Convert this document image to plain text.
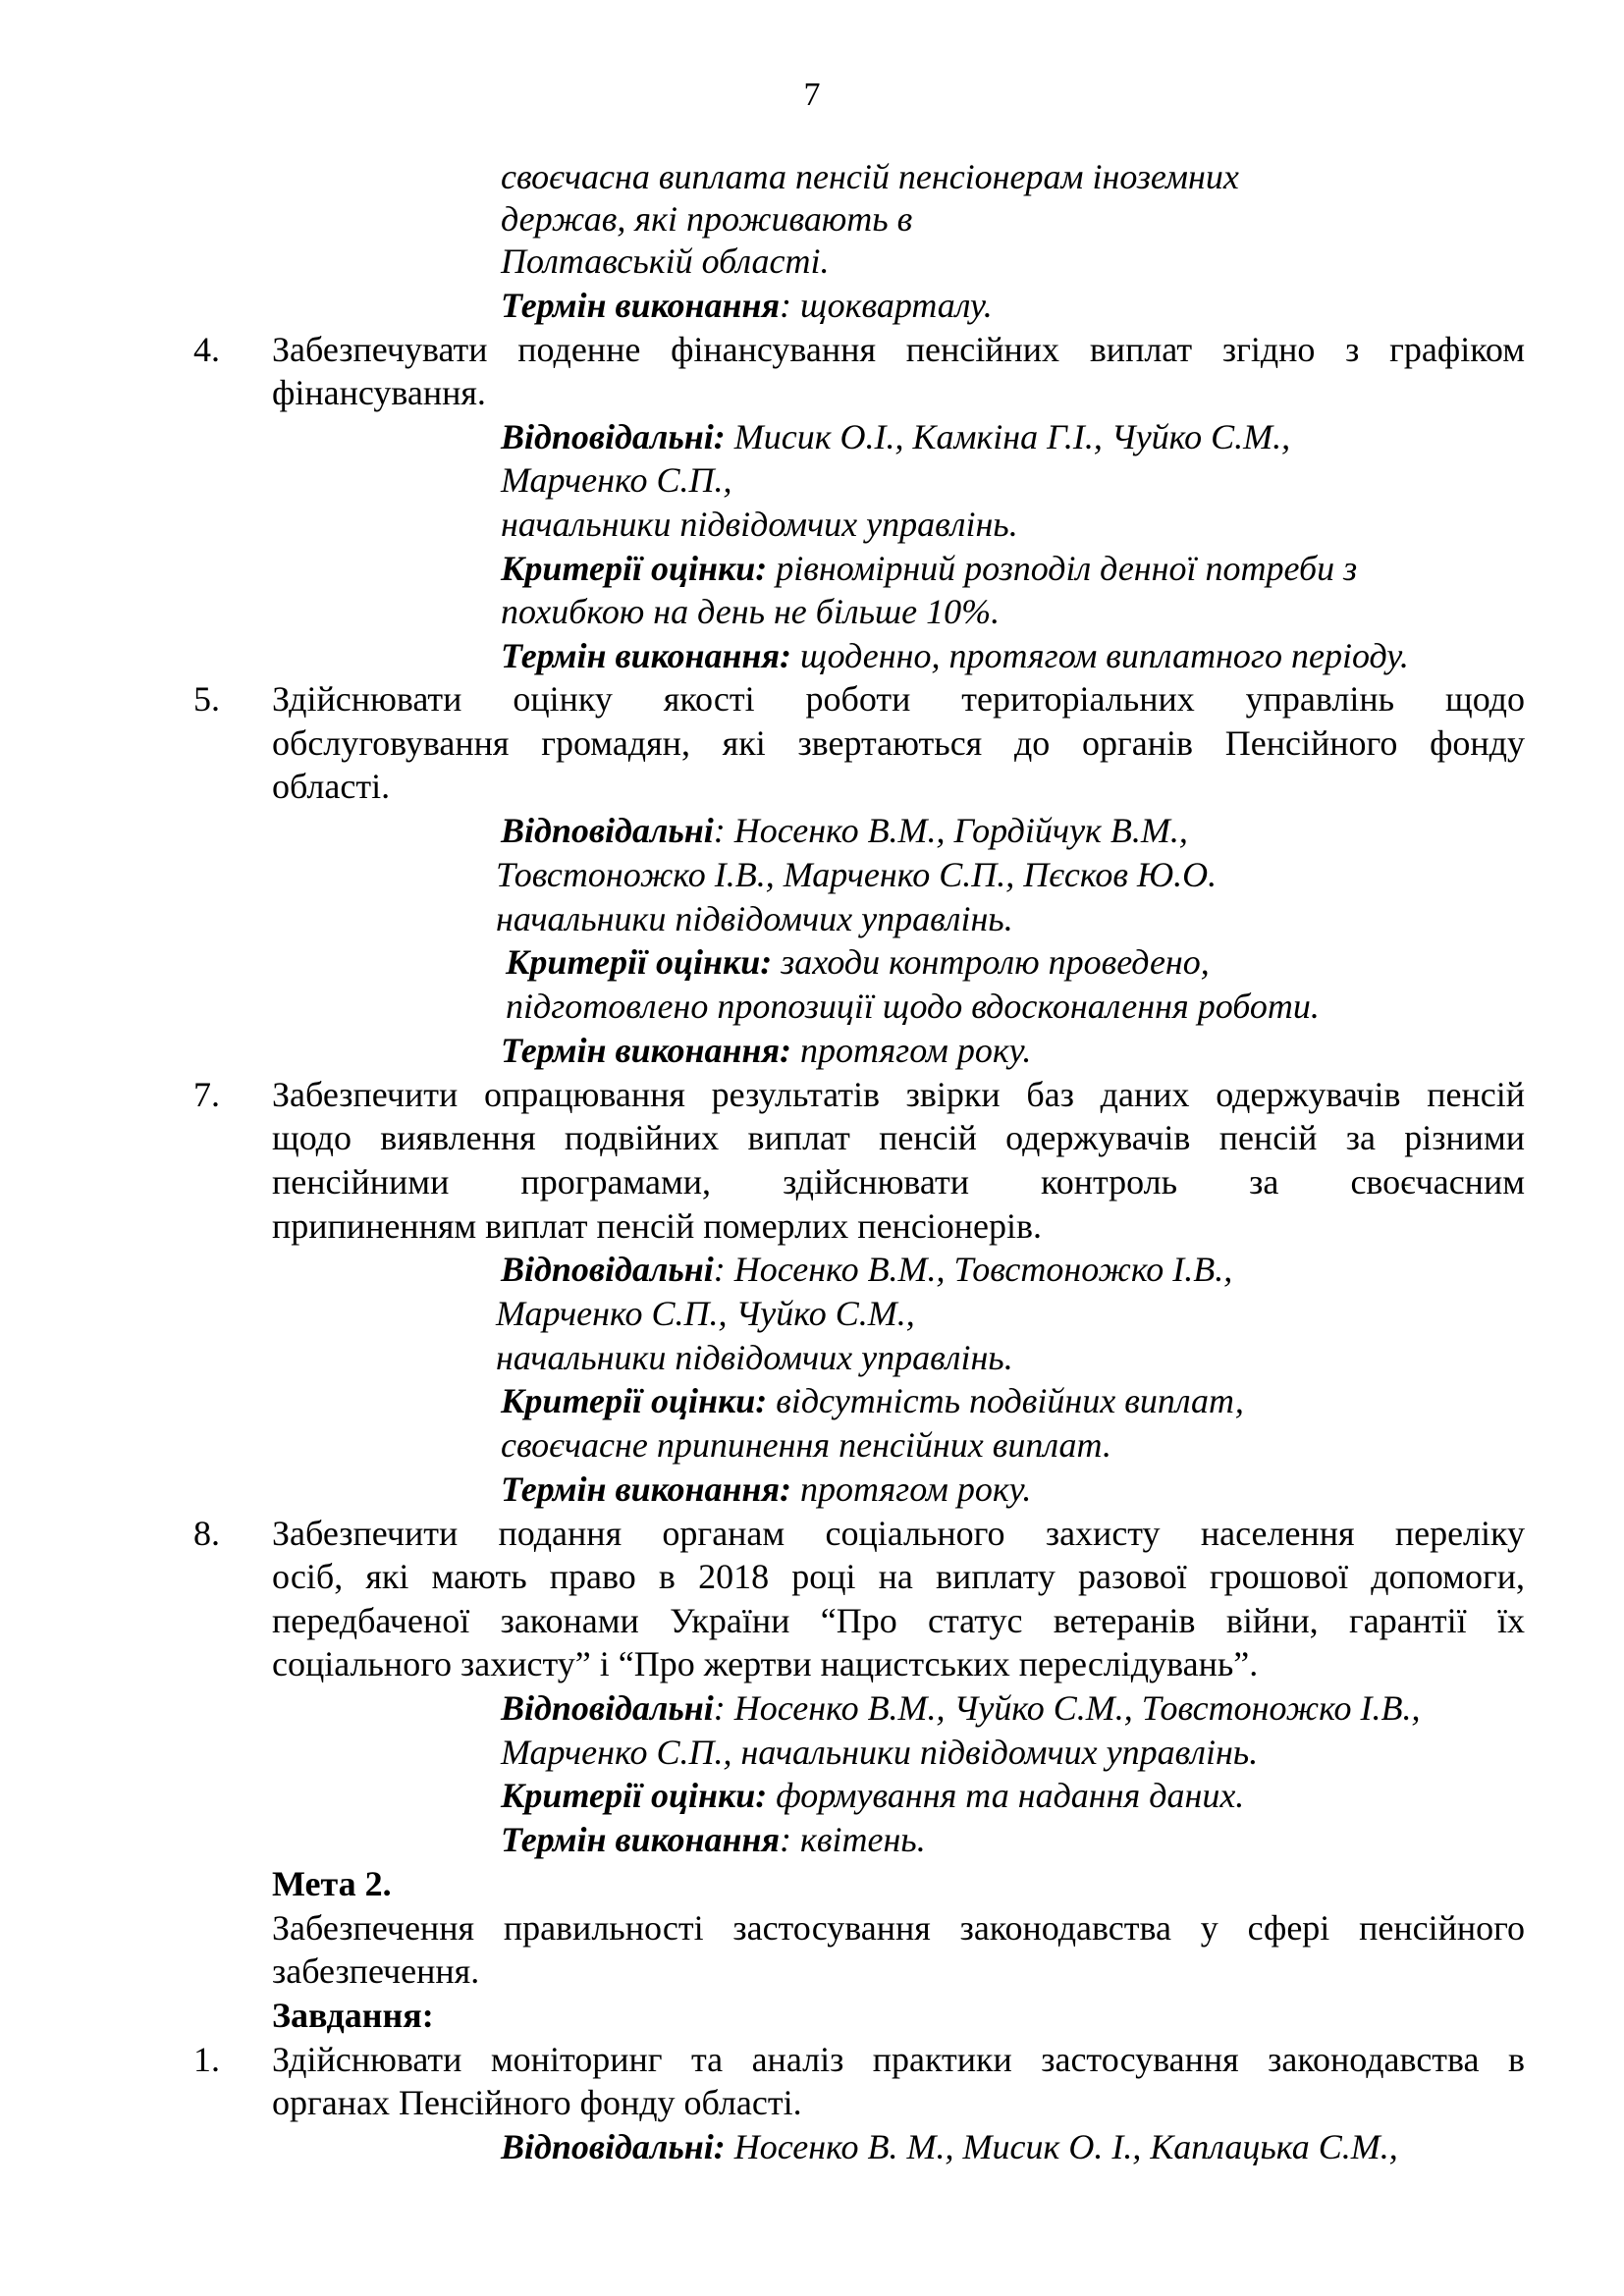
7
своєчасна виплата пенсій пенсіонерам іноземних
держав, які проживають в
Полтавській області.
Термін виконання: щокварталу.
4. Забезпечувати поденне фінансування пенсійних виплат згідно з графіком
фінансування.
Відповідальні: Мисик О.І., Камкіна Г.І., Чуйко С.М.,
Марченко С.П.,
начальники підвідомчих управлінь.
Критерії оцінки: рівномірний розподіл денної потреби з
похибкою на день не більше 10%.
Термін виконання: щоденно, протягом виплатного періоду.
5. Здійснювати оцінку якості роботи територіальних управлінь щодо
обслуговування громадян, які звертаються до органів Пенсійного фонду
області.
Відповідальні: Носенко В.М., Гордійчук В.М.,
Товстоножко І.В., Марченко С.П., Пєсков Ю.О.
начальники підвідомчих управлінь.
Критерії оцінки: заходи контролю проведено,
підготовлено пропозиції щодо вдосконалення роботи.
Термін виконання: протягом року.
7. Забезпечити опрацювання результатів звірки баз даних одержувачів пенсій
щодо виявлення подвійних виплат пенсій одержувачів пенсій за різними
пенсійними програмами, здійснювати контроль за своєчасним
припиненням виплат пенсій померлих пенсіонерів.
Відповідальні: Носенко В.М., Товстоножко І.В.,
Марченко С.П., Чуйко С.М.,
начальники підвідомчих управлінь.
Критерії оцінки: відсутність подвійних виплат,
своєчасне припинення пенсійних виплат.
Термін виконання: протягом року.
8. Забезпечити подання органам соціального захисту населення переліку
осіб, які мають право в 2018 році на виплату разової грошової допомоги,
передбаченої законами України “Про статус ветеранів війни, гарантії їх
соціального захисту” і “Про жертви нацистських переслідувань”.
Відповідальні: Носенко В.М., Чуйко С.М., Товстоножко І.В.,
Марченко С.П., начальники підвідомчих управлінь.
Критерії оцінки: формування та надання даних.
Термін виконання: квітень.
Мета 2.
Забезпечення правильності застосування законодавства у сфері пенсійного
забезпечення.
Завдання:
1. Здійснювати моніторинг та аналіз практики застосування законодавства в
органах Пенсійного фонду області.
Відповідальні: Носенко В. М., Мисик О. І., Каплацька С.М.,
